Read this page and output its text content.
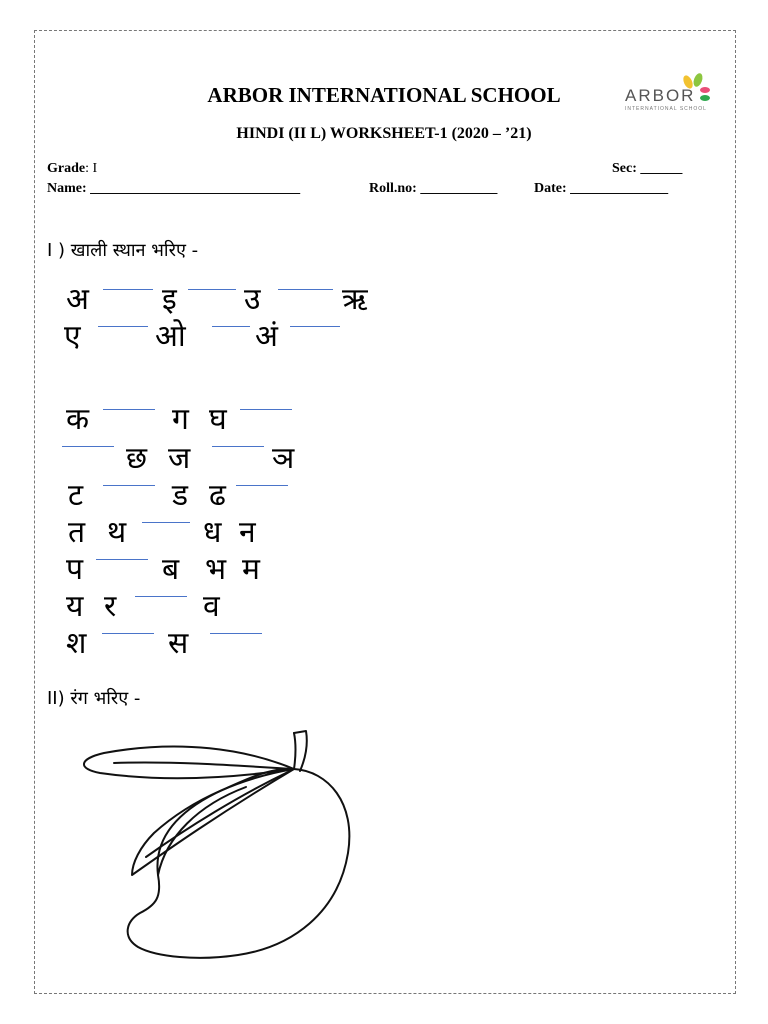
ARBOR INTERNATIONAL SCHOOL
HINDI (II L) WORKSHEET-1 (2020 – ’21)
ARBOR
INTERNATIONAL SCHOOL
Grade: I	Sec: ______
Name: ______________________________	Roll.no: ___________	Date: ______________
I ) खाली स्थान भरिए -
अ इ उ	ऋ
ए ओ अं
क	ग घ
छ ज	ञ
ट	ड ढ
त थ	ध न
प	ब भ म
य र	व
श	स
II) रंग भरिए -
